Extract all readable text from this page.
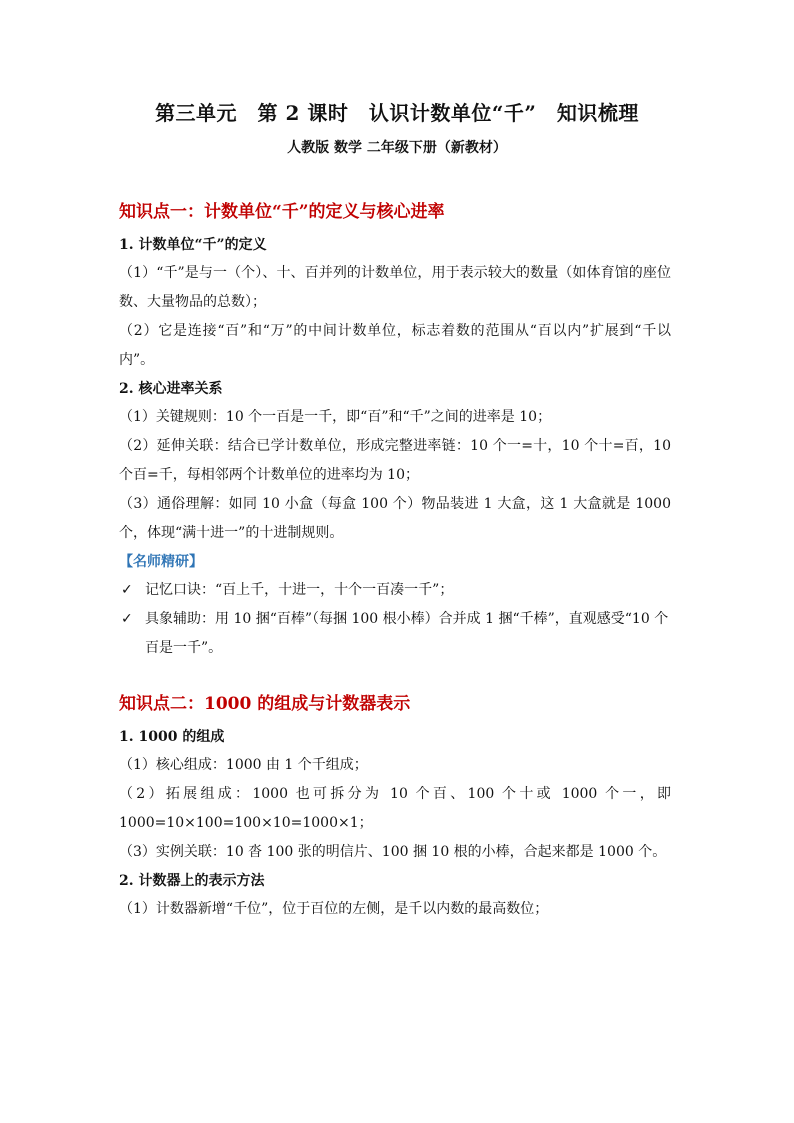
第三单元　第 2 课时　认识计数单位“千”　知识梳理
人教版 数学 二年级下册（新教材）
知识点一：计数单位“千”的定义与核心进率

1. 计数单位“千”的定义

（1）“千”是与一（个）、十、百并列的计数单位，用于表示较大的数量（如体育馆的座位数、大量物品的总数）；

（2）它是连接“百”和“万”的中间计数单位，标志着数的范围从“百以内”扩展到“千以内”。

2. 核心进率关系

（1）关键规则：10 个一百是一千，即“百”和“千”之间的进率是 10；

（2）延伸关联：结合已学计数单位，形成完整进率链：10 个一=十，10 个十=百，10 个百=千，每相邻两个计数单位的进率均为 10；

（3）通俗理解：如同 10 小盒（每盒 100 个）物品装进 1 大盒，这 1 大盒就是 1000 个，体现“满十进一”的十进制规则。

【名师精研】

✓ 记忆口诀：“百上千，十进一，十个一百凑一千”；

✓ 具象辅助：用 10 捆“百棒”（每捆 100 根小棒）合并成 1 捆“千棒”，直观感受“10 个百是一千”。

知识点二：1000 的组成与计数器表示

1. 1000 的组成

（1）核心组成：1000 由 1 个千组成；

（2）拓展组成：1000 也可拆分为 10 个百、100 个十或 1000 个一，即 1000=10×100=100×10=1000×1；

（3）实例关联：10 沓 100 张的明信片、100 捆 10 根的小棒，合起来都是 1000 个。

2. 计数器上的表示方法

（1）计数器新增“千位”，位于百位的左侧，是千以内数的最高数位；
